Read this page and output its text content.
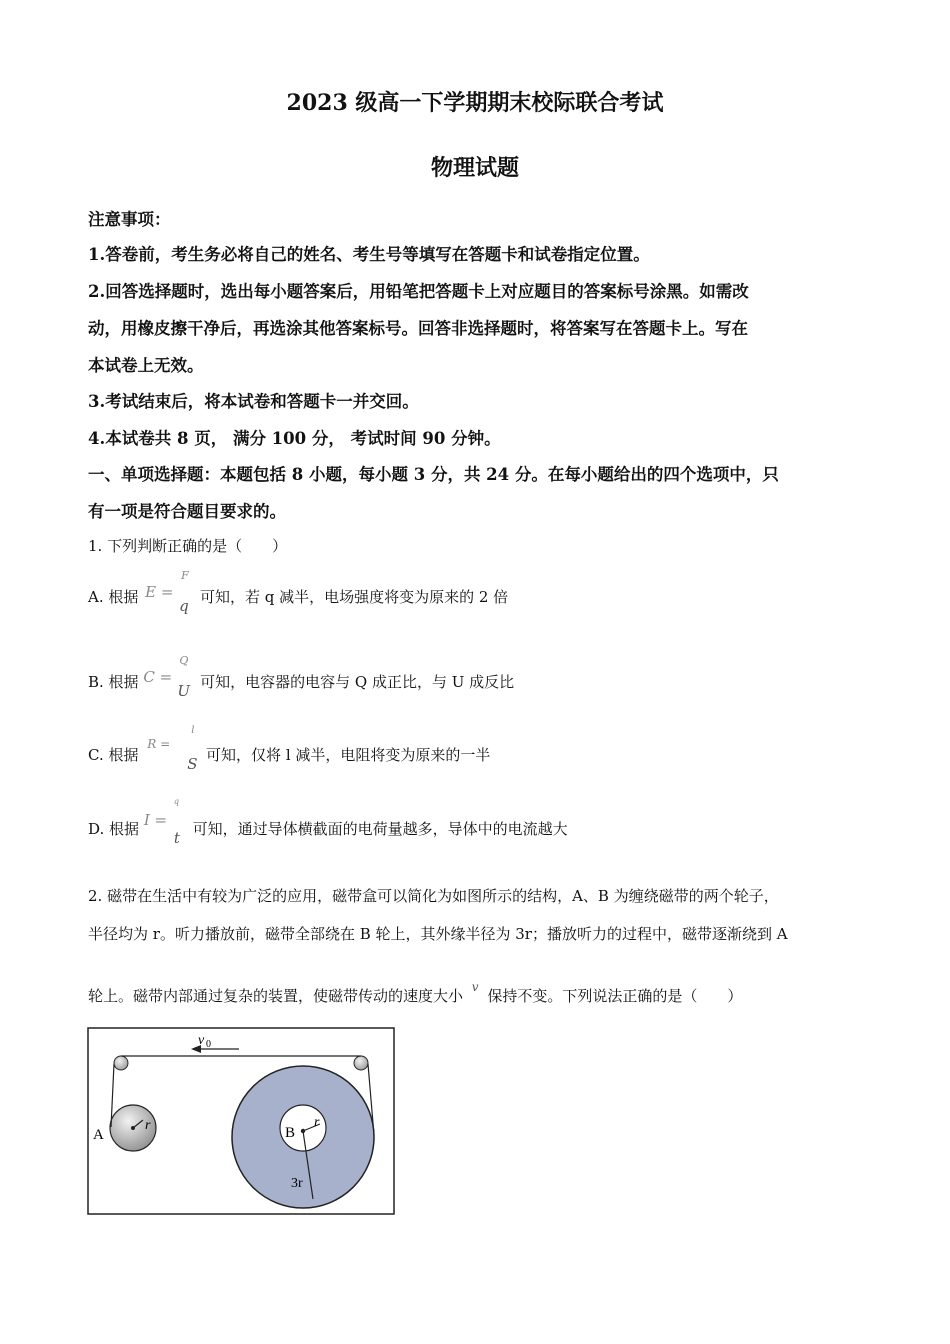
2023 级高一下学期期末校际联合考试
物理试题
注意事项：
1.答卷前，考生务必将自己的姓名、考生号等填写在答题卡和试卷指定位置。
2.回答选择题时，选出每小题答案后，用铅笔把答题卡上对应题目的答案标号涂黑。如需改
动，用橡皮擦干净后，再选涂其他答案标号。回答非选择题时，将答案写在答题卡上。写在
本试卷上无效。
3.考试结束后，将本试卷和答题卡一并交回。
4.本试卷共 8 页， 满分 100 分， 考试时间 90 分钟。
一、单项选择题：本题包括 8 小题，每小题 3 分，共 24 分。在每小题给出的四个选项中，只
有一项是符合题目要求的。
1. 下列判断正确的是（　　）
A. 根据 E =
F
q 可知，若 q 减半，电场强度将变为原来的 2 倍
B. 根据 C =
Q
U 可知，电容器的电容与 Q 成正比，与 U 成反比
C. 根据
R =
l
S 可知，仅将 l 减半，电阻将变为原来的一半
D. 根据 I =
q
t 可知，通过导体横截面的电荷量越多，导体中的电流越大
2. 磁带在生活中有较为广泛的应用，磁带盒可以简化为如图所示的结构，A、B 为缠绕磁带的两个轮子，
半径均为 r。听力播放前，磁带全部绕在 B 轮上，其外缘半径为 3r；播放听力的过程中，磁带逐渐绕到 A
轮上。磁带内部通过复杂的装置，使磁带传动的速度大小 v 保持不变。下列说法正确的是（　　）
v 0
r
A
r
B
3r
